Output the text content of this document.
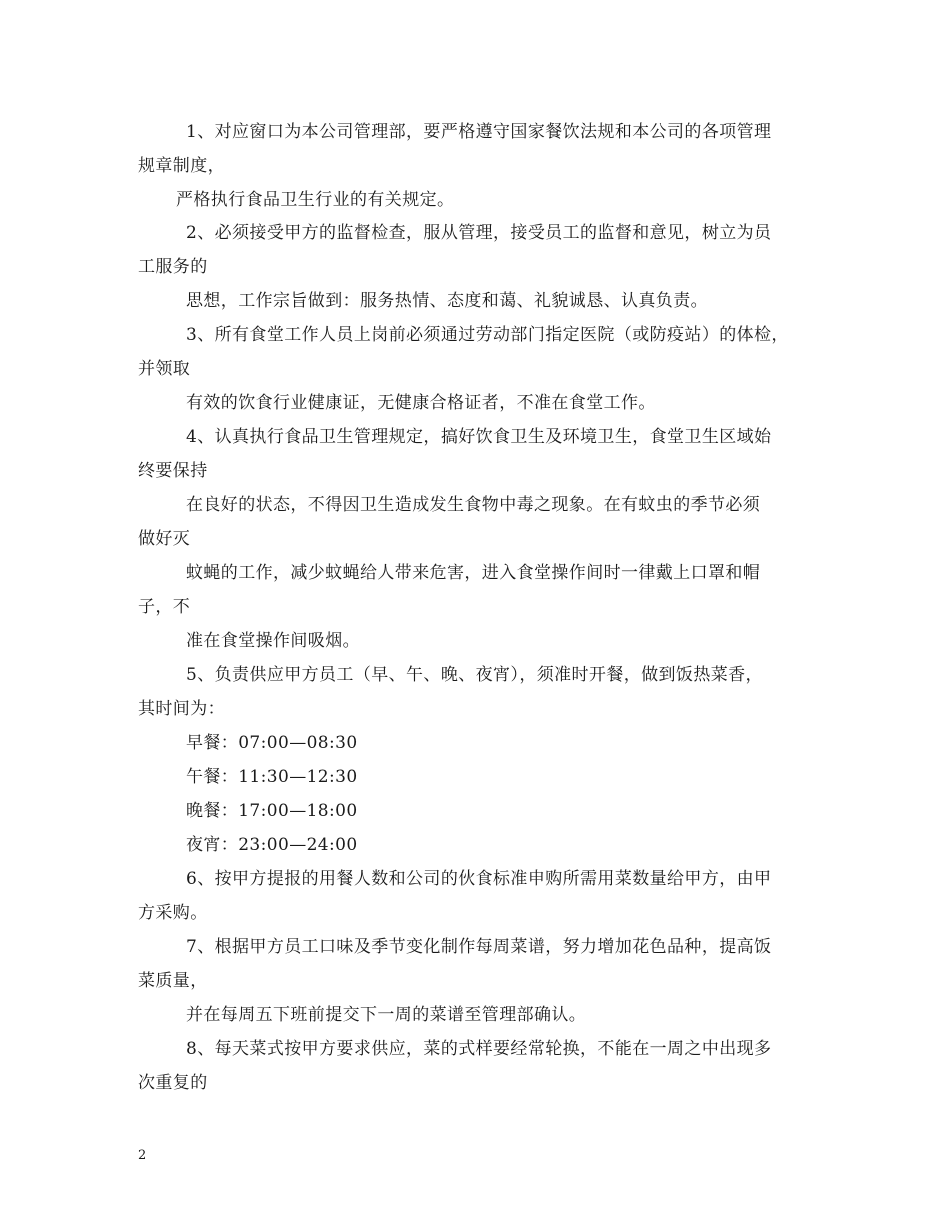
1、对应窗口为本公司管理部，要严格遵守国家餐饮法规和本公司的各项管理
规章制度，
严格执行食品卫生行业的有关规定。
2、必须接受甲方的监督检查，服从管理，接受员工的监督和意见，树立为员
工服务的
思想，工作宗旨做到：服务热情、态度和蔼、礼貌诚恳、认真负责。
3、所有食堂工作人员上岗前必须通过劳动部门指定医院（或防疫站）的体检，
并领取
有效的饮食行业健康证，无健康合格证者，不准在食堂工作。
4、认真执行食品卫生管理规定，搞好饮食卫生及环境卫生，食堂卫生区域始
终要保持
在良好的状态，不得因卫生造成发生食物中毒之现象。在有蚊虫的季节必须
做好灭
蚊蝇的工作，减少蚊蝇给人带来危害，进入食堂操作间时一律戴上口罩和帽
子，不
准在食堂操作间吸烟。
5、负责供应甲方员工（早、午、晚、夜宵），须准时开餐，做到饭热菜香，
其时间为：
早餐：07:00—08:30
午餐：11:30—12:30
晚餐：17:00—18:00
夜宵：23:00—24:00
6、按甲方提报的用餐人数和公司的伙食标准申购所需用菜数量给甲方，由甲
方采购。
7、根据甲方员工口味及季节变化制作每周菜谱，努力增加花色品种，提高饭
菜质量，
并在每周五下班前提交下一周的菜谱至管理部确认。
8、每天菜式按甲方要求供应，菜的式样要经常轮换，不能在一周之中出现多
次重复的
2
